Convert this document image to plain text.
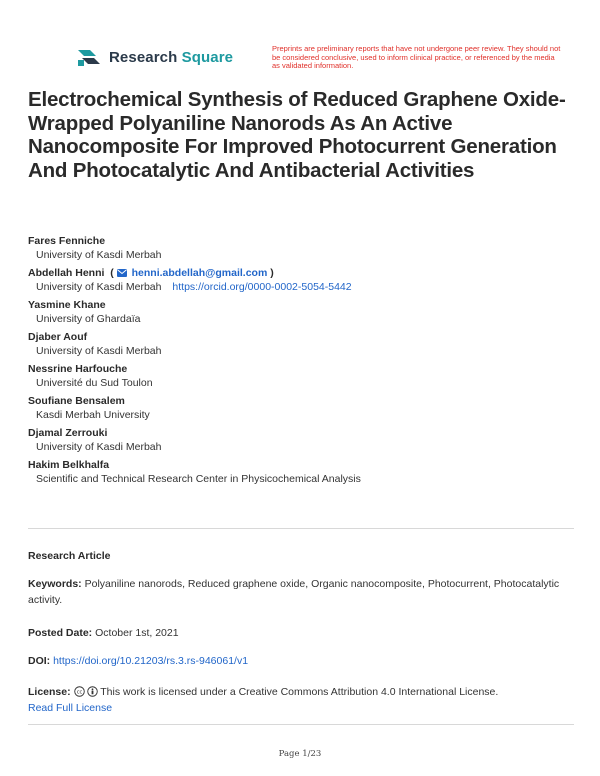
Research Square	Preprints are preliminary reports that have not undergone peer review. They should not be considered conclusive, used to inform clinical practice, or referenced by the media as validated information.
Electrochemical Synthesis of Reduced Graphene Oxide-Wrapped Polyaniline Nanorods As An Active Nanocomposite For Improved Photocurrent Generation And Photocatalytic And Antibacterial Activities
Fares Fenniche
University of Kasdi Merbah
Abdellah Henni  (  henni.abdellah@gmail.com )
University of Kasdi Merbah https://orcid.org/0000-0002-5054-5442
Yasmine Khane
University of Ghardaïa
Djaber Aouf
University of Kasdi Merbah
Nessrine Harfouche
Université du Sud Toulon
Soufiane Bensalem
Kasdi Merbah University
Djamal Zerrouki
University of Kasdi Merbah
Hakim Belkhalfa
Scientific and Technical Research Center in Physicochemical Analysis
Research Article
Keywords: Polyaniline nanorods, Reduced graphene oxide, Organic nanocomposite, Photocurrent, Photocatalytic activity.
Posted Date: October 1st, 2021
DOI: https://doi.org/10.21203/rs.3.rs-946061/v1
License: cc This work is licensed under a Creative Commons Attribution 4.0 International License.
Read Full License
Page 1/23
